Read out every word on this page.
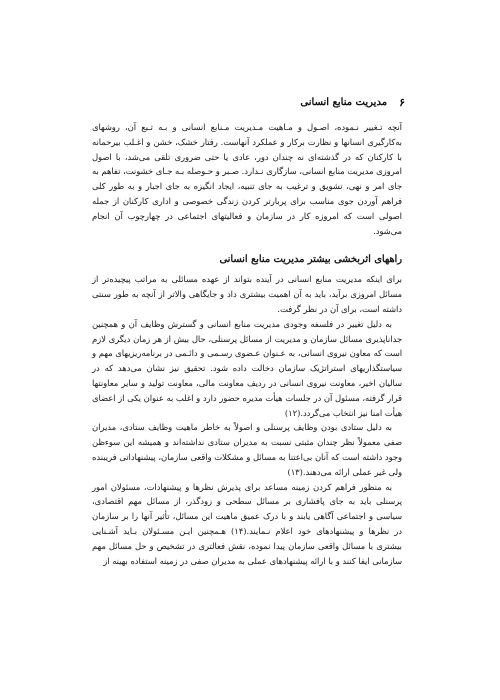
۶
مدیریت منابع انسانی

آنچه تـغییر نـموده، اصـول و مـاهیت مـدیریت مـنابع انسانی و بـه تـبع آن، روشهای به‌کارگیری انسانها و نظارت برکار و عملکرد آنهاست. رفتار خشک، خشن و اغـلب بیرحمانه با کارکنان که در گذشته‌ای نه چندان دور، عادی یا حتی ضروری تلقی می‌شد، با اصول امروزی مدیریت منابع انسانی، سازگاری نـدارد. صـبر و حـوصله بـه جـای خشونت، تفاهم به جای امر و نهی، تشویق و ترغیب به جای تنبیه، ایجاد انگیزه به جای اجبار و به طور کلی فراهم آوردن جوی مناسب برای پربارتر کردن زندگی خصوصی و اداری کارکنان از جمله اصولی است که امروزه کار در سازمان و فعالیتهای اجتماعی در چهارچوب آن انجام می‌شود.

راههای اثربخشی بیشتر مدیریت منابع انسانی

برای اینکه مدیریت منابع انسانی در آینده بتواند از عهده مسائلی به مراتب پیچیده‌تر از مسائل امروزی برآید، باید به آن اهمیت بیشتری داد و جایگاهی والاتر از آنچه به طور سنتی داشته است، برای آن در نظر گرفت.

به دلیل تغییر در فلسفه وجودی مدیریت منابع انسانی و گسترش وظایف آن و همچنین جدانا‌پذیری مسائل سازمان و مدیریت از مسائل پرسنلی، حال بیش از هر زمان دیگری لازم است که معاون نیروی انسانی، به عـنوان عـضوی رسـمی و دائـمی در برنامه‌ریزیهای مهم و سیاستگذاریهای استراتژیک سازمان دخالت داده شود. تحقیق نیز نشان می‌دهد که در سالیان اخیر، معاونت نیروی انسانی در ردیف معاونت مالی، معاونت تولید و سایر معاونتها قرار گرفته، مسئول آن در جلسات هیأت مدیره حضور دارد و اغلب به عنوان یکی از اعضای هیأت امنا نیز انتخاب می‌گردد.(۱۲)

به دلیل ستادی بودن وظایف پرسنلی و اصولاً به خاطر ماهیت وظایف ستادی، مدیران صفی معمولاً نظر چندان مثبتی نسبت به مدیران ستادی نداشته‌اند و همیشه این سوءظن وجود داشته است که آنان بی‌اعتنا به مسائل و مشکلات واقعی سازمان، پیشنهاداتی فریبنده ولی غیر عملی ارائه می‌دهند.(۱۳)

به منظور فراهم کردن زمینه مساعد برای پذیرش نظرها و پیشنهادات، مسئولان امور پرسنلی باید به جای پافشاری بر مسائل سطحی و زودگذر، از مسائل مهم اقتصادی، سیاسی و اجتماعی آگاهی یابند و با درک عمیق ماهیت این مسائل، تأثیر آنها را بر سازمان در نظرها و پیشنهادهای خود اعلام نـمایند.(۱۴) هـمچنین ایـن مسـئولان بـاید آشـنایی بیشتری با مسائل واقعی سازمان پیدا نموده، نقش فعالتری در تشخیص و حل مسائل مهم سازمانی ایفا کنند و با ارائه پیشنهادهای عملی به مدیران صفی در زمینه استفاده بهینه از
